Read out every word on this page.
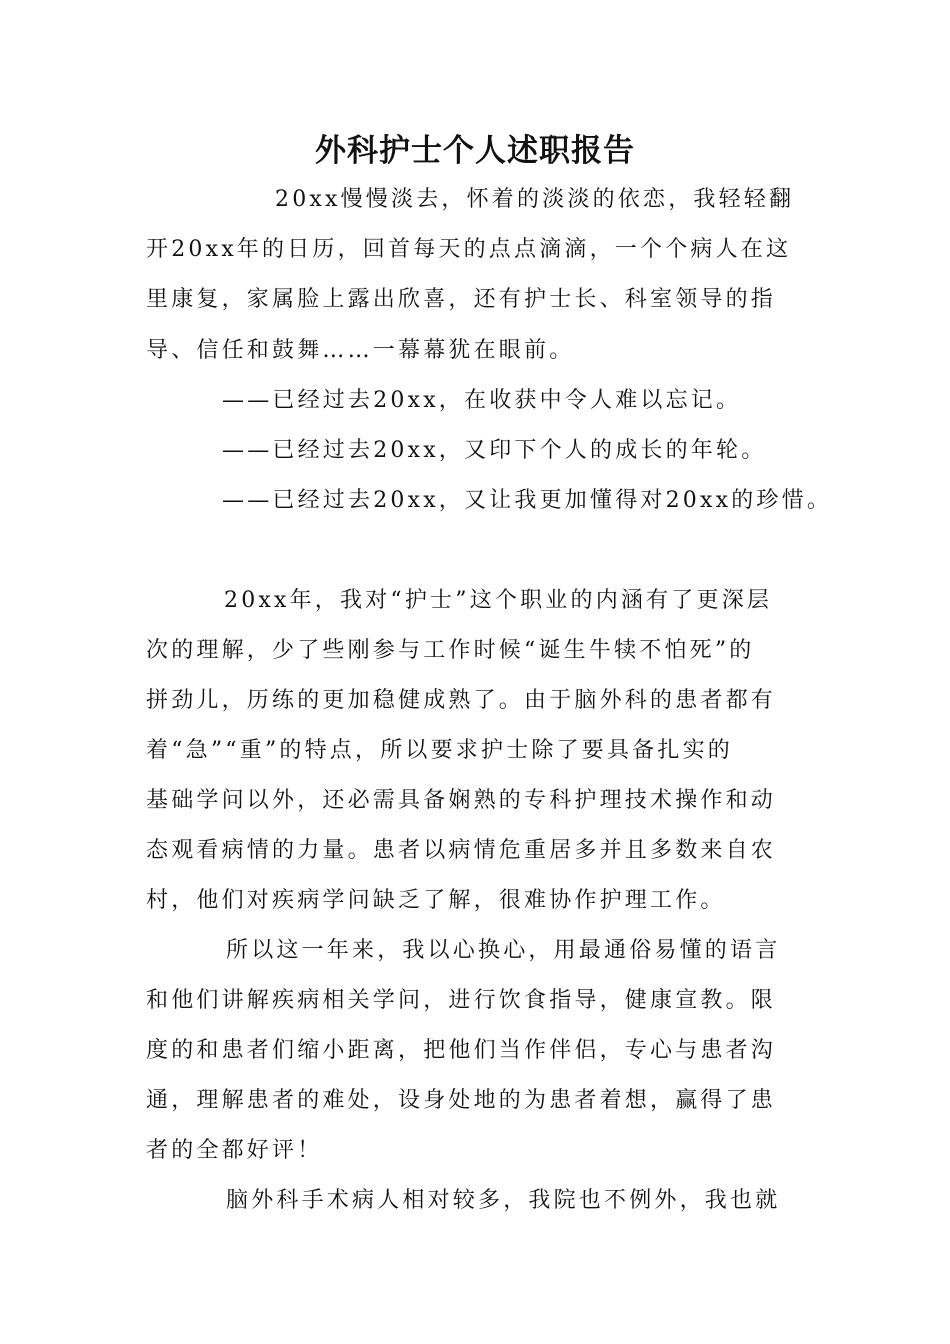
外科护士个人述职报告
20xx慢慢淡去，怀着的淡淡的依恋，我轻轻翻
开20xx年的日历，回首每天的点点滴滴，一个个病人在这
里康复，家属脸上露出欣喜，还有护士长、科室领导的指
导、信任和鼓舞……一幕幕犹在眼前。
——已经过去20xx，在收获中令人难以忘记。
——已经过去20xx，又印下个人的成长的年轮。
——已经过去20xx，又让我更加懂得对20xx的珍惜。
20xx年，我对“护士”这个职业的内涵有了更深层
次的理解，少了些刚参与工作时候“诞生牛犊不怕死”的
拼劲儿，历练的更加稳健成熟了。由于脑外科的患者都有
着“急”“重”的特点，所以要求护士除了要具备扎实的
基础学问以外，还必需具备娴熟的专科护理技术操作和动
态观看病情的力量。患者以病情危重居多并且多数来自农
村，他们对疾病学问缺乏了解，很难协作护理工作。
所以这一年来，我以心换心，用最通俗易懂的语言
和他们讲解疾病相关学问，进行饮食指导，健康宣教。限
度的和患者们缩小距离，把他们当作伴侣，专心与患者沟
通，理解患者的难处，设身处地的为患者着想，赢得了患
者的全都好评！
脑外科手术病人相对较多，我院也不例外，我也就
